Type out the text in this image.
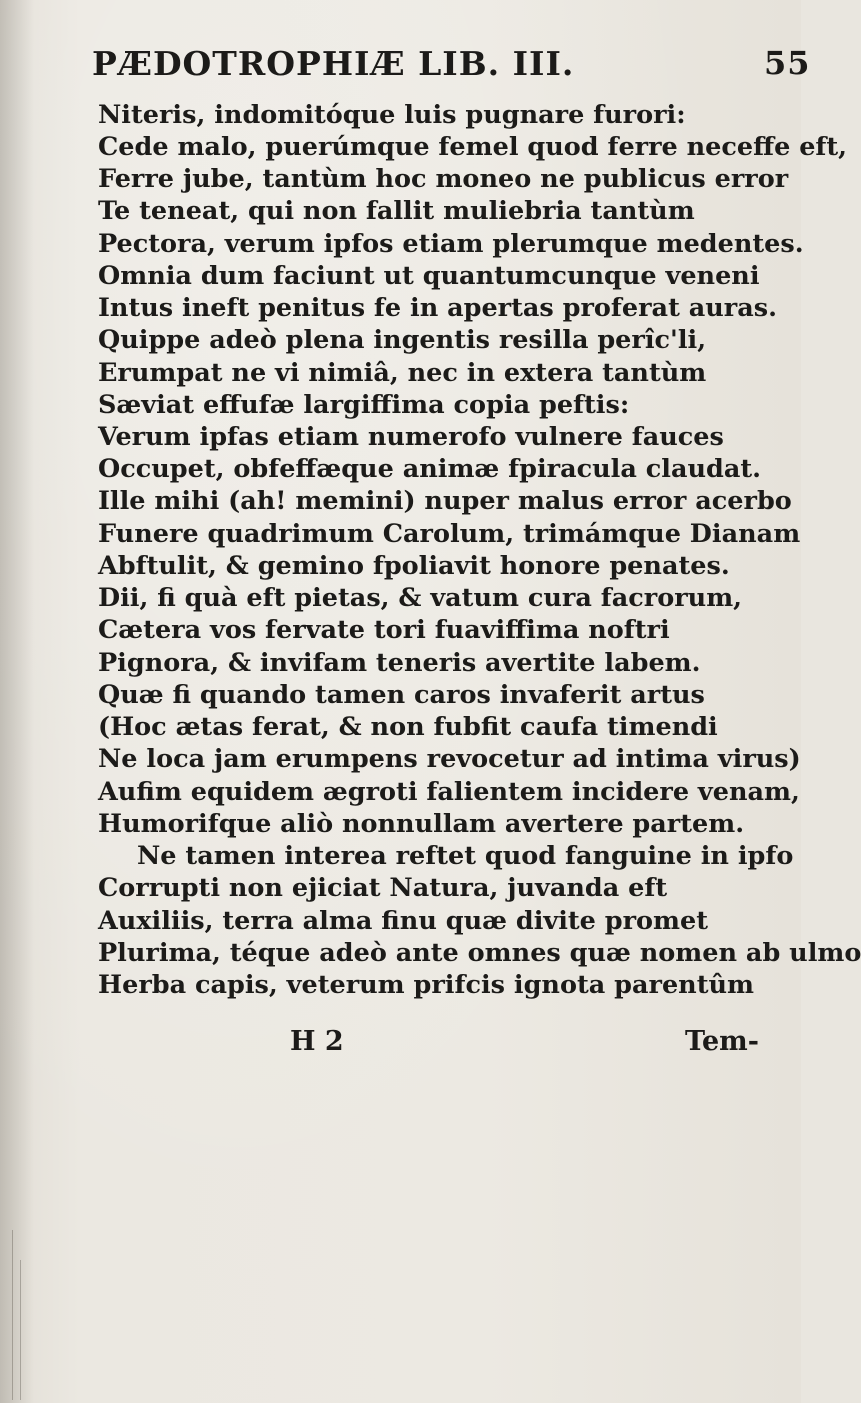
PÆDOTROPHIÆ LIB. III.	55
Niteris, indomitóque luis pugnare furori:
Cede malo, puerúmque femel quod ferre neceffe eft,
Ferre jube, tantùm hoc moneo ne publicus error
Te teneat, qui non fallit muliebria tantùm
Pectora, verum ipfos etiam plerumque medentes.
Omnia dum faciunt ut quantumcunque veneni
Intus ineft penitus fe in apertas proferat auras.
Quippe adeò plena ingentis resilla perîc'li,
Erumpat ne vi nimiâ, nec in extera tantùm
Sæviat effufæ largiffima copia peftis:
Verum ipfas etiam numerofo vulnere fauces
Occupet, obfeffæque animæ fpiracula claudat.
Ille mihi (ah! memini) nuper malus error acerbo
Funere quadrimum Carolum, trimámque Dianam
Abftulit, & gemino fpoliavit honore penates.
Dii, fi quà eft pietas, & vatum cura facrorum,
Cætera vos fervate tori fuaviffima noftri
Pignora, & invifam teneris avertite labem.
Quæ fi quando tamen caros invaferit artus
(Hoc ætas ferat, & non fubfit caufa timendi
Ne loca jam erumpens revocetur ad intima virus)
Aufim equidem ægroti falientem incidere venam,
Humorifque aliò nonnullam avertere partem.
Ne tamen interea reftet quod fanguine in ipfo
Corrupti non ejiciat Natura, juvanda eft
Auxiliis, terra alma finu quæ divite promet
Plurima, téque adeò ante omnes quæ nomen ab ulmo
Herba capis, veterum prifcis ignota parentûm
H 2	Tem-
